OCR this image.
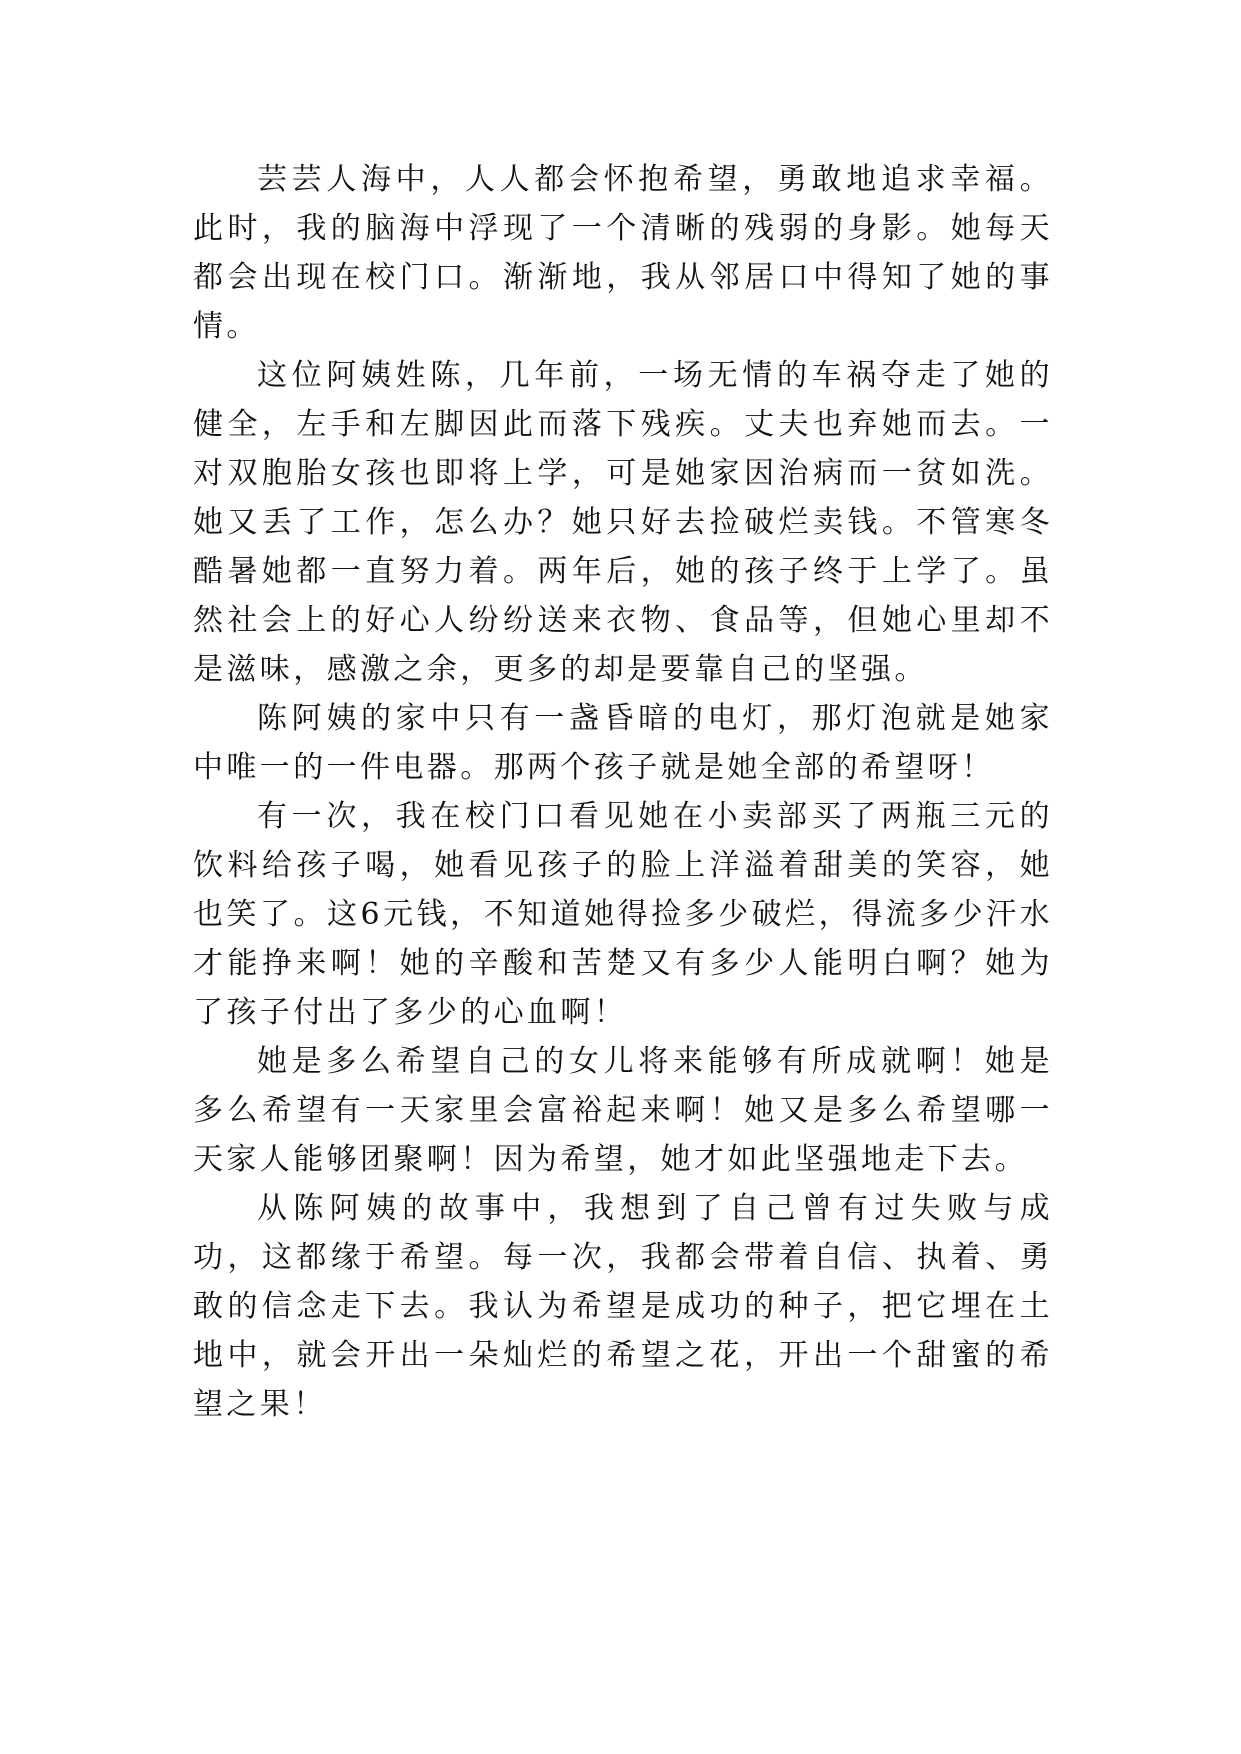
芸芸人海中，人人都会怀抱希望，勇敢地追求幸福。此时，我的脑海中浮现了一个清晰的残弱的身影。她每天都会出现在校门口。渐渐地，我从邻居口中得知了她的事情。

这位阿姨姓陈，几年前，一场无情的车祸夺走了她的健全，左手和左脚因此而落下残疾。丈夫也弃她而去。一对双胞胎女孩也即将上学，可是她家因治病而一贫如洗。她又丢了工作，怎么办？她只好去捡破烂卖钱。不管寒冬酷暑她都一直努力着。两年后，她的孩子终于上学了。虽然社会上的好心人纷纷送来衣物、食品等，但她心里却不是滋味，感激之余，更多的却是要靠自己的坚强。

陈阿姨的家中只有一盏昏暗的电灯，那灯泡就是她家中唯一的一件电器。那两个孩子就是她全部的希望呀！

有一次，我在校门口看见她在小卖部买了两瓶三元的饮料给孩子喝，她看见孩子的脸上洋溢着甜美的笑容，她也笑了。这6元钱，不知道她得捡多少破烂，得流多少汗水才能挣来啊！她的辛酸和苦楚又有多少人能明白啊？她为了孩子付出了多少的心血啊！

她是多么希望自己的女儿将来能够有所成就啊！她是多么希望有一天家里会富裕起来啊！她又是多么希望哪一天家人能够团聚啊！因为希望，她才如此坚强地走下去。

从陈阿姨的故事中，我想到了自己曾有过失败与成功，这都缘于希望。每一次，我都会带着自信、执着、勇敢的信念走下去。我认为希望是成功的种子，把它埋在土地中，就会开出一朵灿烂的希望之花，开出一个甜蜜的希望之果！
